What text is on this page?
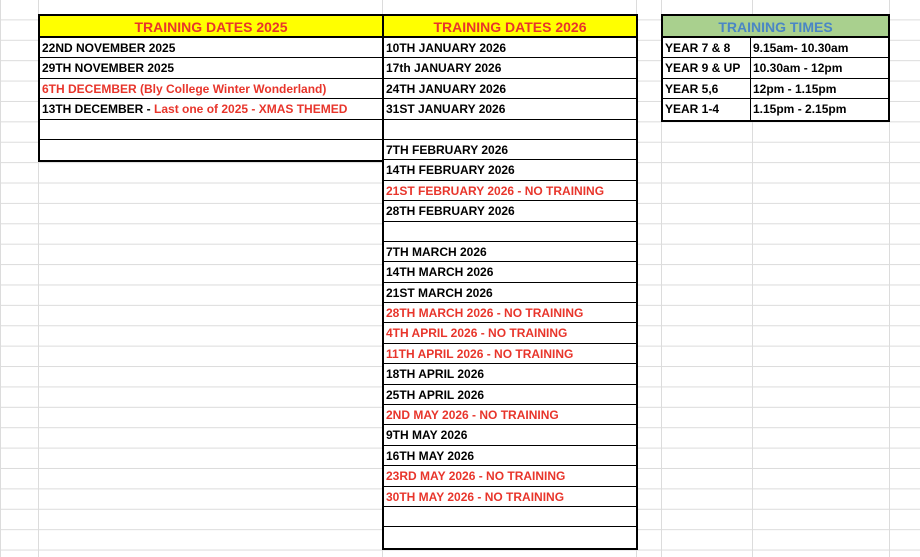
TRAINING DATES 2025
22ND NOVEMBER 2025
29TH NOVEMBER 2025
6TH DECEMBER (Bly College Winter Wonderland)
13TH DECEMBER - Last one of 2025 - XMAS THEMED
TRAINING DATES 2026
10TH JANUARY 2026
17th JANUARY 2026
24TH JANUARY 2026
31ST JANUARY 2026
7TH FEBRUARY 2026
14TH FEBRUARY 2026
21ST FEBRUARY 2026 - NO TRAINING
28TH FEBRUARY 2026
7TH MARCH 2026
14TH MARCH 2026
21ST MARCH 2026
28TH MARCH 2026 - NO TRAINING
4TH APRIL 2026 - NO TRAINING
11TH APRIL 2026 - NO TRAINING
18TH APRIL 2026
25TH APRIL 2026
2ND MAY 2026 - NO TRAINING
9TH MAY 2026
16TH MAY 2026
23RD MAY 2026 - NO TRAINING
30TH MAY 2026 - NO TRAINING
TRAINING TIMES
YEAR 7 & 8	9.15am- 10.30am
YEAR 9 & UP	10.30am - 12pm
YEAR 5,6	12pm - 1.15pm
YEAR 1-4	1.15pm - 2.15pm
